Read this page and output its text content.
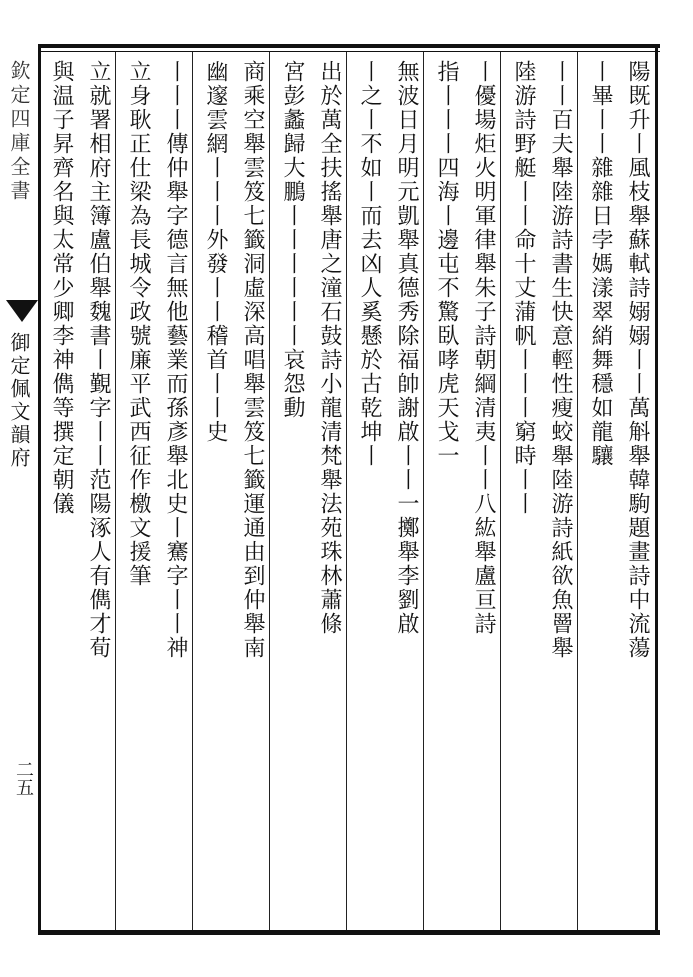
陽既升丨風枝舉蘇軾詩嫋嫋丨丨萬斛舉韓駒題畫詩中流蕩
丨畢丨丨雜雜日孛媽漾翠綃舞穩如龍驤
丨丨百夫舉陸游詩書生快意輕性瘦蛟舉陸游詩紙欲魚罾舉
陸游詩野艇丨丨命十丈蒲帆丨丨丨窮時丨丨
丨優場炬火明軍律舉朱子詩朝綱清夷丨丨八紘舉盧亘詩
指丨丨丨四海丨邊屯不驚臥哮虎天戈一
無波日月明元凱舉真德秀除福帥謝啟丨丨一擲舉李劉啟
丨之丨不如丨而去凶人奚懸於古乾坤丨
出於萬全扶搖舉唐之潼石鼓詩小龍清梵舉法苑珠林蕭條
宮彭蠡歸大鵬丨丨丨丨丨丨哀怨動
商乘空舉雲笈七籤洞虛深高唱舉雲笈七籤運通由到仲舉南
幽邃雲網丨丨丨外發丨丨稽首丨丨史
丨丨丨傳仲舉字德言無他藝業而孫彥舉北史丨騫字丨丨神
立身耿正仕梁為長城令政號廉平武西征作檄文援筆
立就署相府主簿盧伯舉魏書丨覲字丨丨范陽涿人有儁才荀
與温子昇齊名與太常少卿李神儁等撰定朝儀
欽定四庫全書
御定佩文韻府
二五
